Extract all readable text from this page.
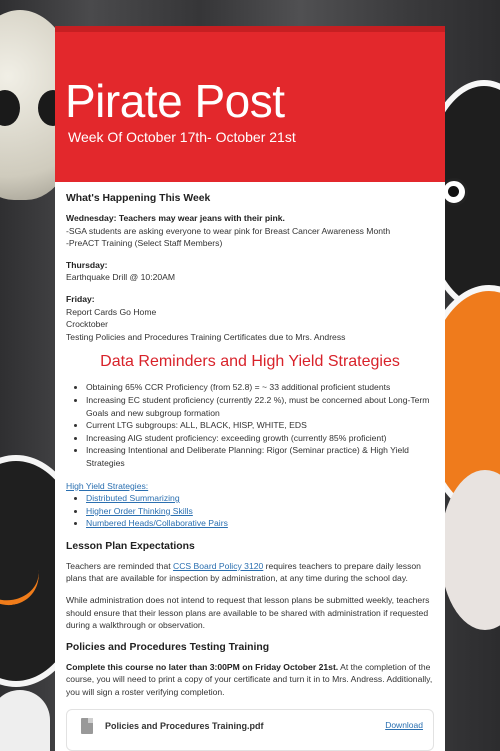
Pirate Post
Week Of October 17th- October 21st
What's Happening This Week

Wednesday: Teachers may wear jeans with their pink.
-SGA students are asking everyone to wear pink for Breast Cancer Awareness Month
-PreACT Training (Select Staff Members)

Thursday:
Earthquake Drill @ 10:20AM

Friday:
Report Cards Go Home
Crocktober
Testing Policies and Procedures Training Certificates due to Mrs. Andress

Data Reminders and High Yield Strategies
• Obtaining 65% CCR Proficiency (from 52.8) = ~ 33 additional proficient students
• Increasing EC student proficiency (currently 22.2 %), must be concerned about Long-Term Goals and new subgroup formation
• Current LTG subgroups: ALL, BLACK, HISP, WHITE, EDS
• Increasing AIG student proficiency: exceeding growth (currently 85% proficient)
• Increasing Intentional and Deliberate Planning: Rigor (Seminar practice) & High Yield Strategies
High Yield Strategies:
• Distributed Summarizing
• Higher Order Thinking Skills
• Numbered Heads/Collaborative Pairs
Lesson Plan Expectations

Teachers are reminded that CCS Board Policy 3120 requires teachers to prepare daily lesson plans that are available for inspection by administration, at any time during the school day.

While administration does not intend to request that lesson plans be submitted weekly, teachers should ensure that their lesson plans are available to be shared with administration if requested during a walkthrough or observation.

Policies and Procedures Testing Training

Complete this course no later than 3:00PM on Friday October 21st. At the completion of the course, you will need to print a copy of your certificate and turn it in to Mrs. Andress. Additionally, you will sign a roster verifying completion.

Policies and Procedures Training.pdf	Download
